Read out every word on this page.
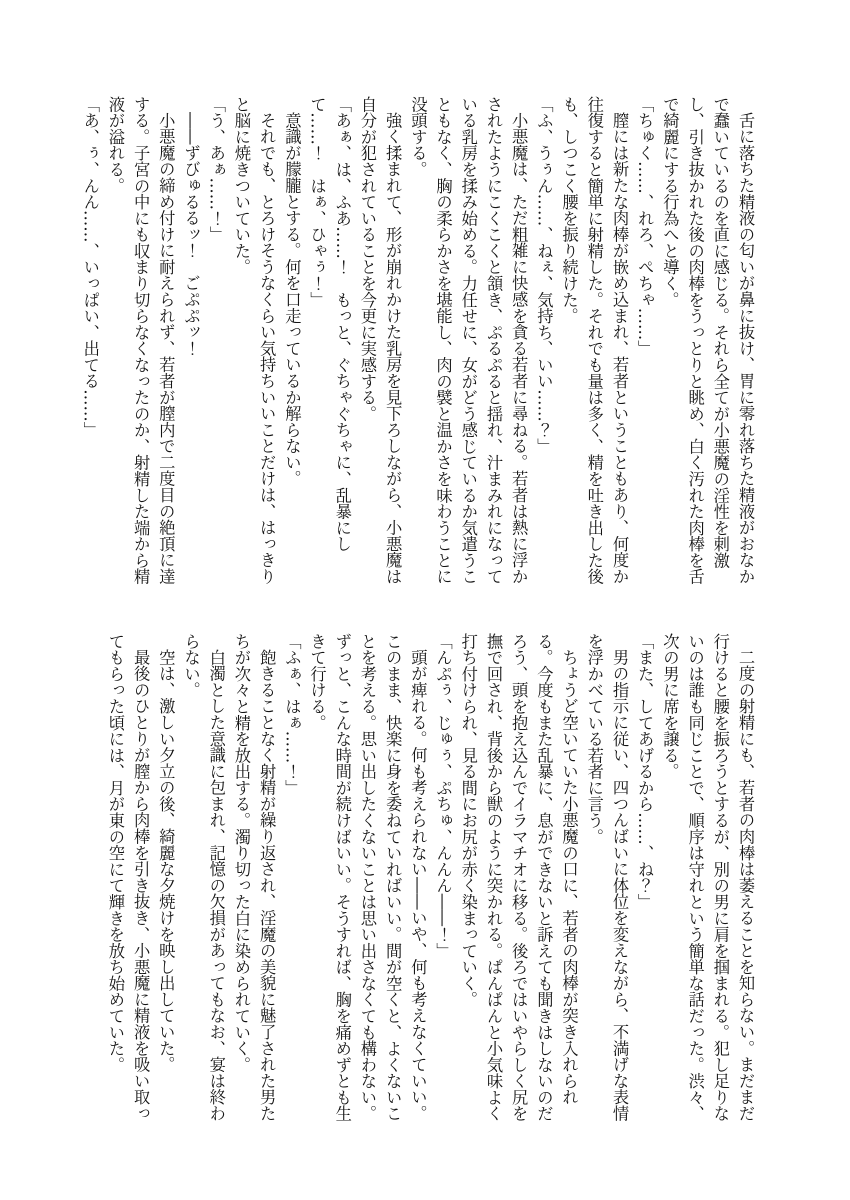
舌に落ちた精液の匂いが鼻に抜け、胃に零れ落ちた精液がおなかで蠢いているのを直に感じる。それら全てが小悪魔の淫性を刺激し、引き抜かれた後の肉棒をうっとりと眺め、白く汚れた肉棒を舌で綺麗にする行為へと導く。

「ちゅく……、れろ、ぺちゃ……」

膣には新たな肉棒が嵌め込まれ、若者ということもあり、何度か往復すると簡単に射精した。それでも量は多く、精を吐き出した後も、しつこく腰を振り続けた。

「ふ、うぅん……、ねぇ、気持ち、いい……？」

小悪魔は、ただ粗雑に快感を貪る若者に尋ねる。若者は熱に浮かされたようにこくこくと頷き、ぷるぷると揺れ、汁まみれになっている乳房を揉み始める。力任せに、女がどう感じているか気遣うこともなく、胸の柔らかさを堪能し、肉の襞と温かさを味わうことに没頭する。

強く揉まれて、形が崩れかけた乳房を見下ろしながら、小悪魔は自分が犯されていることを今更に実感する。

「あぁ、は、ふあ……！　もっと、ぐちゃぐちゃに、乱暴にして……！　はぁ、ひゃぅ！」

意識が朦朧とする。何を口走っているか解らない。

それでも、とろけそうなくらい気持ちいいことだけは、はっきりと脳に焼きついていた。

「う、あぁ……！」

――ずびゅるるッ！　ごぷぷッ！

小悪魔の締め付けに耐えられず、若者が膣内で二度目の絶頂に達する。子宮の中にも収まり切らなくなったのか、射精した端から精液が溢れる。

「あ、ぅ、んん……、いっぱい、出てる……」

二度の射精にも、若者の肉棒は萎えることを知らない。まだまだ行けると腰を振ろうとするが、別の男に肩を掴まれる。犯し足りないのは誰も同じことで、順序は守れという簡単な話だった。渋々、次の男に席を譲る。

「また、してあげるから……、ね？」

男の指示に従い、四つんばいに体位を変えながら、不満げな表情を浮かべている若者に言う。

ちょうど空いていた小悪魔の口に、若者の肉棒が突き入れられる。今度もまた乱暴に、息ができないと訴えても聞きはしないのだろう、頭を抱え込んでイラマチオに移る。後ろではいやらしく尻を撫で回され、背後から獣のように突かれる。ぱんぱんと小気味よく打ち付けられ、見る間にお尻が赤く染まっていく。

「んぷぅ、じゅぅ、ぷちゅ、んんん――！」

頭が痺れる。何も考えられない――いや、何も考えなくていい。このまま、快楽に身を委ねていればいい。間が空くと、よくないことを考える。思い出したくないことは思い出さなくても構わない。ずっと、こんな時間が続けばいい。そうすれば、胸を痛めずとも生きて行ける。

「ふぁ、はぁ……！」

飽きることなく射精が繰り返され、淫魔の美貌に魅了された男たちが次々と精を放出する。濁り切った白に染められていく。

白濁とした意識に包まれ、記憶の欠損があってもなお、宴は終わらない。

空は、激しい夕立の後、綺麗な夕焼けを映し出していた。

最後のひとりが膣から肉棒を引き抜き、小悪魔に精液を吸い取ってもらった頃には、月が東の空にて輝きを放ち始めていた。
